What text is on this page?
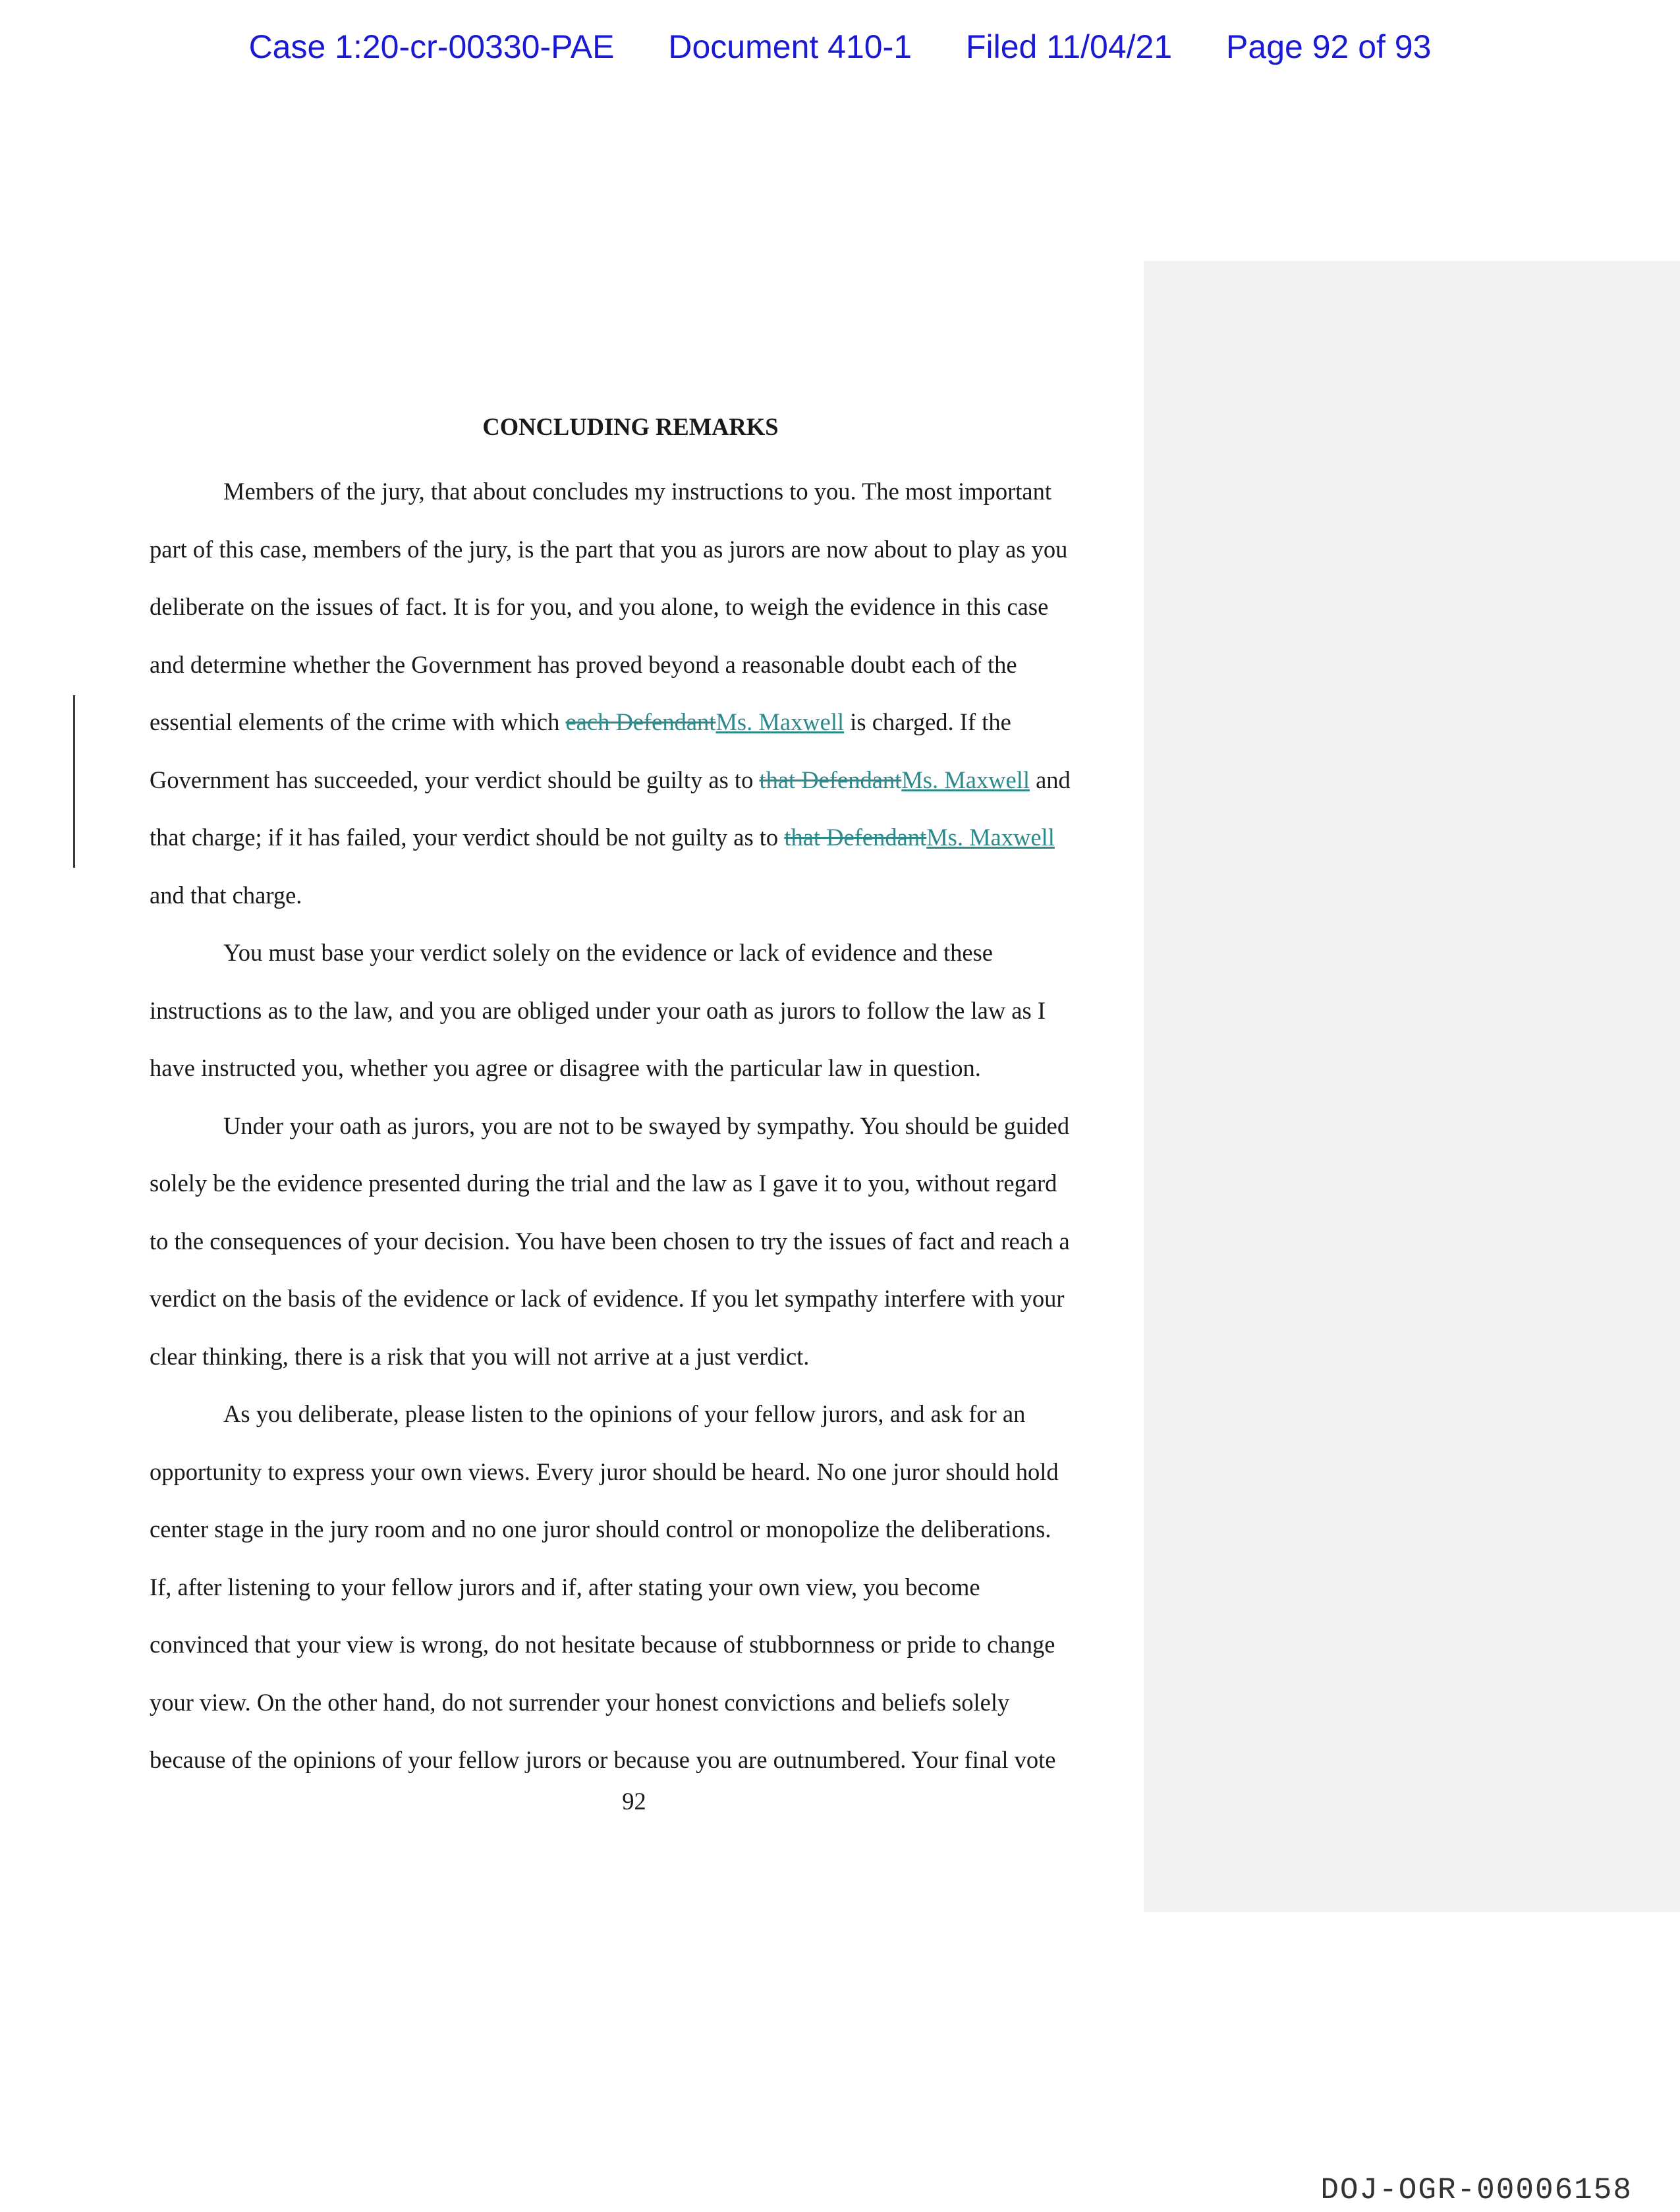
Case 1:20-cr-00330-PAE Document 410-1 Filed 11/04/21 Page 92 of 93

CONCLUDING REMARKS

Members of the jury, that about concludes my instructions to you. The most important
part of this case, members of the jury, is the part that you as jurors are now about to play as you
deliberate on the issues of fact. It is for you, and you alone, to weigh the evidence in this case
and determine whether the Government has proved beyond a reasonable doubt each of the
essential elements of the crime with which each DefendantMs. Maxwell is charged. If the
Government has succeeded, your verdict should be guilty as to that DefendantMs. Maxwell and
that charge; if it has failed, your verdict should be not guilty as to that DefendantMs. Maxwell
and that charge.
You must base your verdict solely on the evidence or lack of evidence and these
instructions as to the law, and you are obliged under your oath as jurors to follow the law as I
have instructed you, whether you agree or disagree with the particular law in question.
Under your oath as jurors, you are not to be swayed by sympathy. You should be guided
solely be the evidence presented during the trial and the law as I gave it to you, without regard
to the consequences of your decision. You have been chosen to try the issues of fact and reach a
verdict on the basis of the evidence or lack of evidence. If you let sympathy interfere with your
clear thinking, there is a risk that you will not arrive at a just verdict.
As you deliberate, please listen to the opinions of your fellow jurors, and ask for an
opportunity to express your own views. Every juror should be heard. No one juror should hold
center stage in the jury room and no one juror should control or monopolize the deliberations.
If, after listening to your fellow jurors and if, after stating your own view, you become
convinced that your view is wrong, do not hesitate because of stubbornness or pride to change
your view. On the other hand, do not surrender your honest convictions and beliefs solely
because of the opinions of your fellow jurors or because you are outnumbered. Your final vote
92
DOJ-OGR-00006158
